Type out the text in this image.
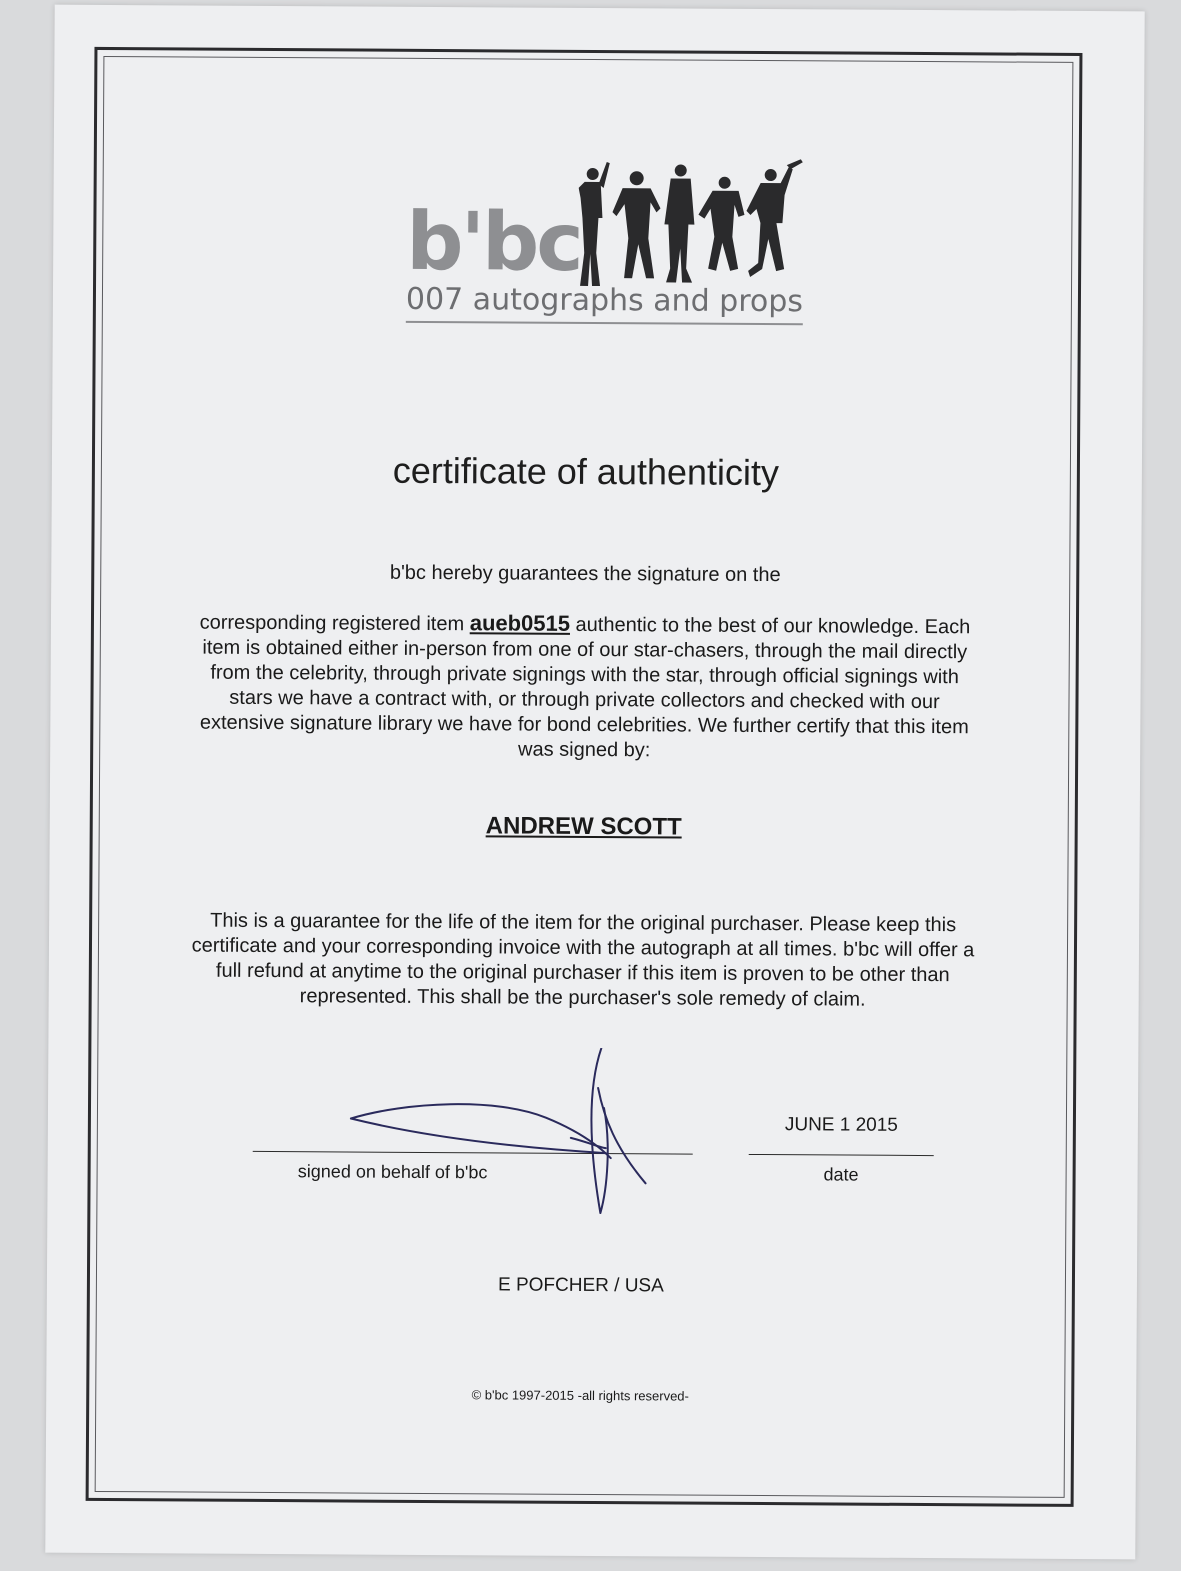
b'bc
007 autographs and props
certificate of authenticity
b'bc hereby guarantees the signature on the
corresponding registered item aueb0515 authentic to the best of our knowledge. Each item is obtained either in-person from one of our star-chasers, through the mail directly from the celebrity, through private signings with the star, through official signings with stars we have a contract with, or through private collectors and checked with our extensive signature library we have for bond celebrities. We further certify that this item was signed by:
ANDREW SCOTT
This is a guarantee for the life of the item for the original purchaser. Please keep this certificate and your corresponding invoice with the autograph at all times. b'bc will offer a full refund at anytime to the original purchaser if this item is proven to be other than represented. This shall be the purchaser's sole remedy of claim.
signed on behalf of b'bc
JUNE 1 2015
date
E POFCHER / USA
© b'bc 1997-2015 -all rights reserved-
